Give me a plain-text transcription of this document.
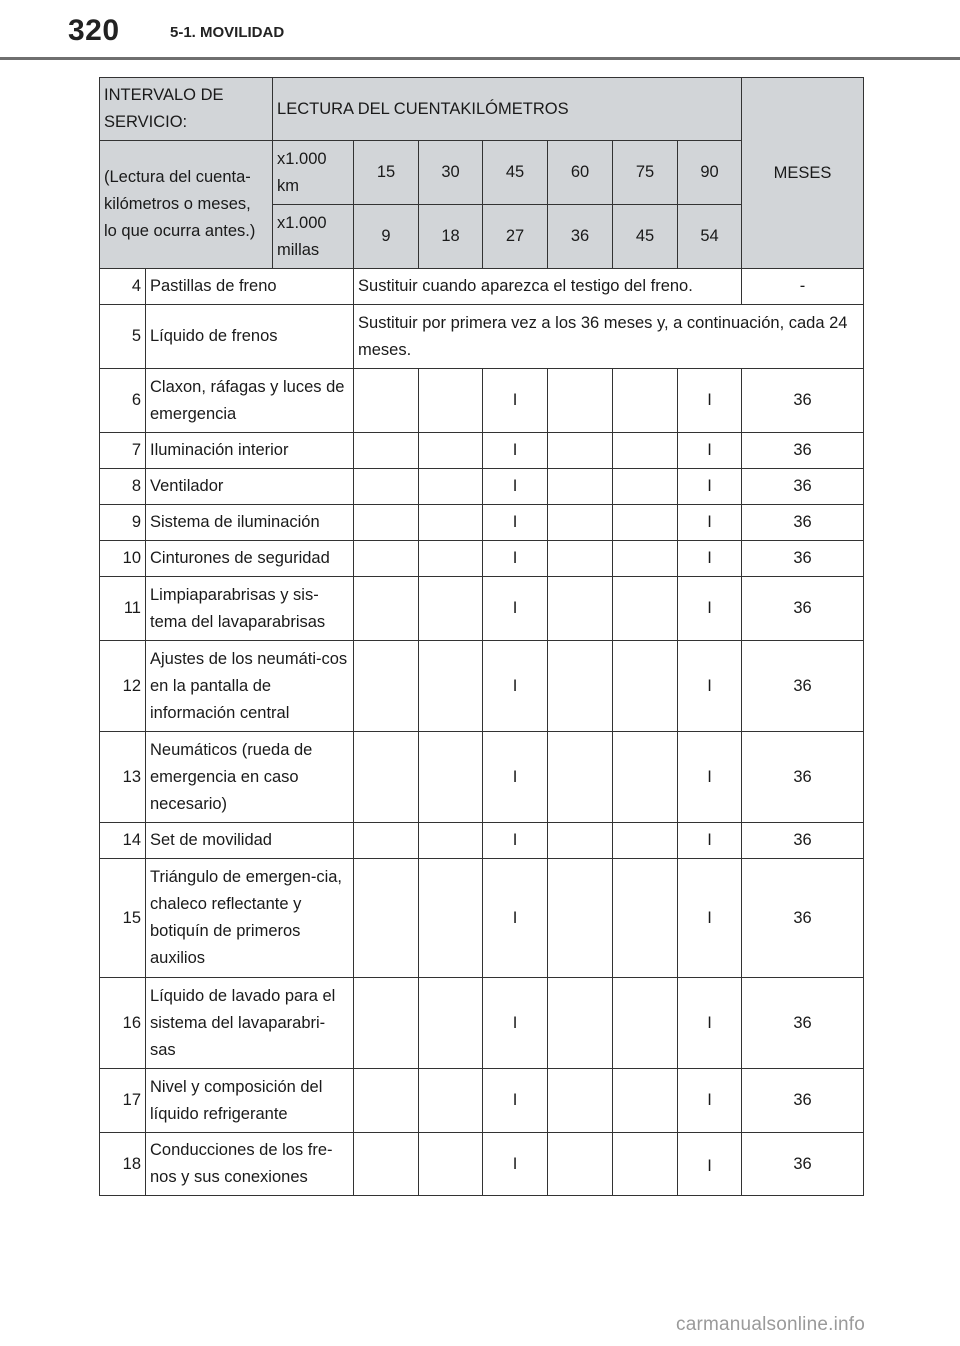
320	5-1. MOVILIDAD
INTERVALO DE SERVICIO:		LECTURA DEL CUENTAKILÓMETROS							MESES
(Lectura del cuenta-kilómetros o meses, lo que ocurra antes.)		x1.000 km	15	30	45	60	75	90	
		x1.000 millas	9	18	27	36	45	54	
4	Pastillas de freno		Sustituir cuando aparezca el testigo del freno.						-
5	Líquido de frenos		Sustituir por primera vez a los 36 meses y, a continuación, cada 24 meses.						
6	Claxon, ráfagas y luces de emergencia				I			I	36
7	Iluminación interior				I			I	36
8	Ventilador				I			I	36
9	Sistema de iluminación				I			I	36
10	Cinturones de seguridad				I			I	36
11	Limpiaparabrisas y sis-tema del lavaparabrisas				I			I	36
12	Ajustes de los neumáti-cos en la pantalla de información central				I			I	36
13	Neumáticos (rueda de emergencia en caso necesario)				I			I	36
14	Set de movilidad				I			I	36
15	Triángulo de emergen-cia, chaleco reflectante y botiquín de primeros auxilios				I			I	36
16	Líquido de lavado para el sistema del lavaparabri-sas				I			I	36
17	Nivel y composición del líquido refrigerante				I			I	36
18	Conducciones de los fre-nos y sus conexiones				I			I	36
carmanualsonline.info
